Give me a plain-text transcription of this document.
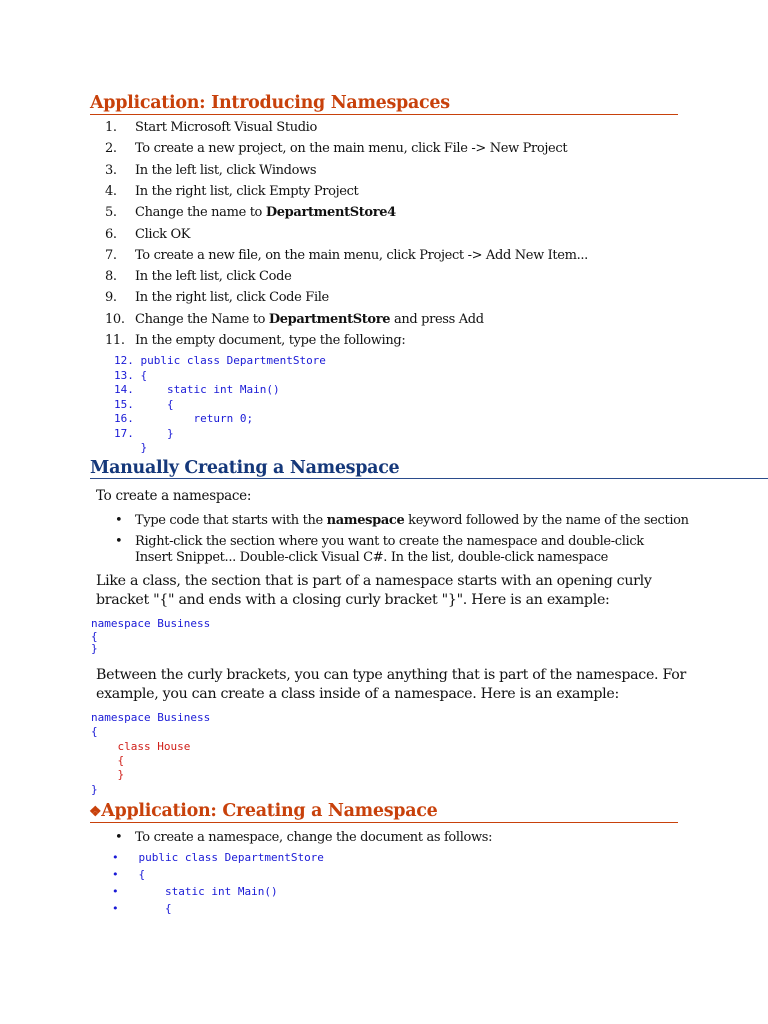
Application: Introducing Namespaces
1. Start Microsoft Visual Studio
2. To create a new project, on the main menu, click File -> New Project
3. In the left list, click Windows
4. In the right list, click Empty Project
5. Change the name to DepartmentStore4
6. Click OK
7. To create a new file, on the main menu, click Project -> Add New Item...
8. In the left list, click Code
9. In the right list, click Code File
10. Change the Name to DepartmentStore and press Add
11. In the empty document, type the following:
12. public class DepartmentStore
13. {
14.     static int Main()
15.     {
16.         return 0;
17.     }
}
Manually Creating a Namespace
To create a namespace:
• Type code that starts with the namespace keyword followed by the name of the section
• Right-click the section where you want to create the namespace and double-click Insert Snippet... Double-click Visual C#. In the list, double-click namespace
Like a class, the section that is part of a namespace starts with an opening curly bracket "{" and ends with a closing curly bracket "}". Here is an example:
namespace Business
{
}
Between the curly brackets, you can type anything that is part of the namespace. For example, you can create a class inside of a namespace. Here is an example:
namespace Business
{
class House
{
}
}
❖Application: Creating a Namespace
• To create a namespace, change the document as follows:
•   public class DepartmentStore
•   {
•       static int Main()
•       {
